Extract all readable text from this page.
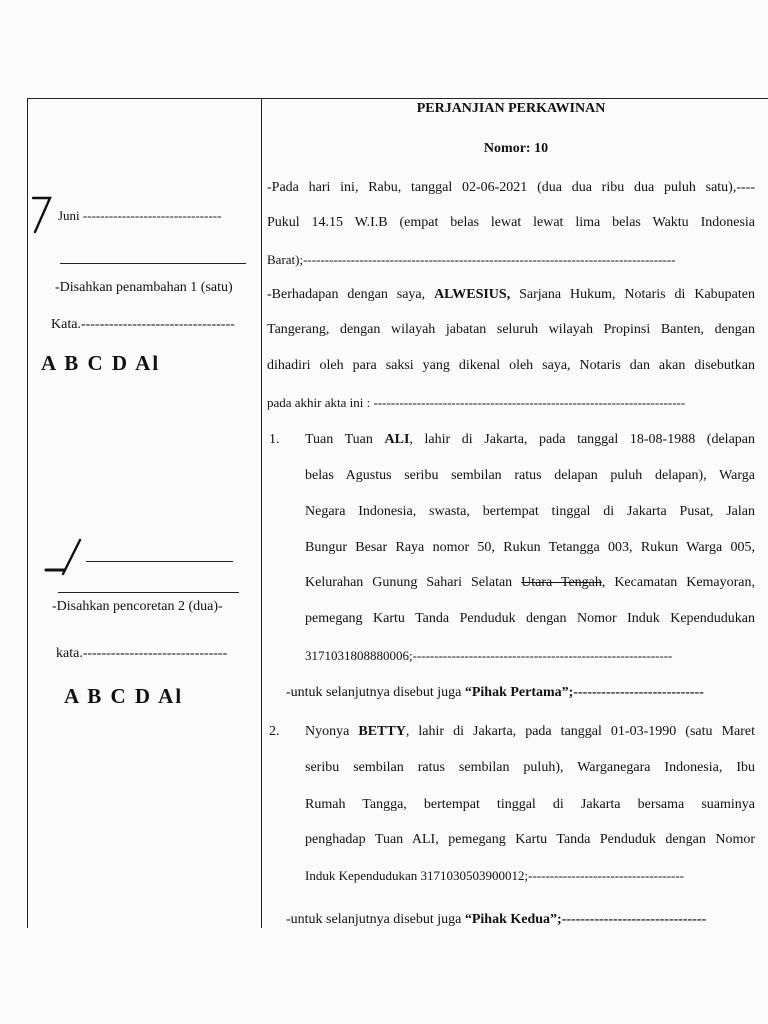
Juni --------------------------------
-Disahkan penambahan 1 (satu)
Kata.---------------------------------
A B C D Al
-Disahkan pencoretan 2 (dua)-
kata.-------------------------------
A B C D Al
PERJANJIAN PERKAWINAN
Nomor: 10
-Pada hari ini, Rabu, tanggal 02-06-2021 (dua dua ribu dua puluh satu),----
Pukul 14.15 W.I.B (empat belas lewat lewat lima belas Waktu Indonesia
Barat);--------------------------------------------------------------------------------------
-Berhadapan dengan saya, ALWESIUS, Sarjana Hukum, Notaris di Kabupaten
Tangerang, dengan wilayah jabatan seluruh wilayah Propinsi Banten, dengan
dihadiri oleh para saksi yang dikenal oleh saya, Notaris dan akan disebutkan
pada akhir akta ini : ------------------------------------------------------------------------
1. Tuan Tuan ALI, lahir di Jakarta, pada tanggal 18-08-1988 (delapan
belas Agustus seribu sembilan ratus delapan puluh delapan), Warga
Negara Indonesia, swasta, bertempat tinggal di Jakarta Pusat, Jalan
Bungur Besar Raya nomor 50, Rukun Tetangga 003, Rukun Warga 005,
Kelurahan Gunung Sahari Selatan Utara Tengah, Kecamatan Kemayoran,
pemegang Kartu Tanda Penduduk dengan Nomor Induk Kependudukan
3171031808880006;------------------------------------------------------------
-untuk selanjutnya disebut juga “Pihak Pertama”;----------------------------
2. Nyonya BETTY, lahir di Jakarta, pada tanggal 01-03-1990 (satu Maret
seribu sembilan ratus sembilan puluh), Warganegara Indonesia, Ibu
Rumah Tangga, bertempat tinggal di Jakarta bersama suaminya
penghadap Tuan ALI, pemegang Kartu Tanda Penduduk dengan Nomor
Induk Kependudukan 3171030503900012;------------------------------------
-untuk selanjutnya disebut juga “Pihak Kedua”;-------------------------------
